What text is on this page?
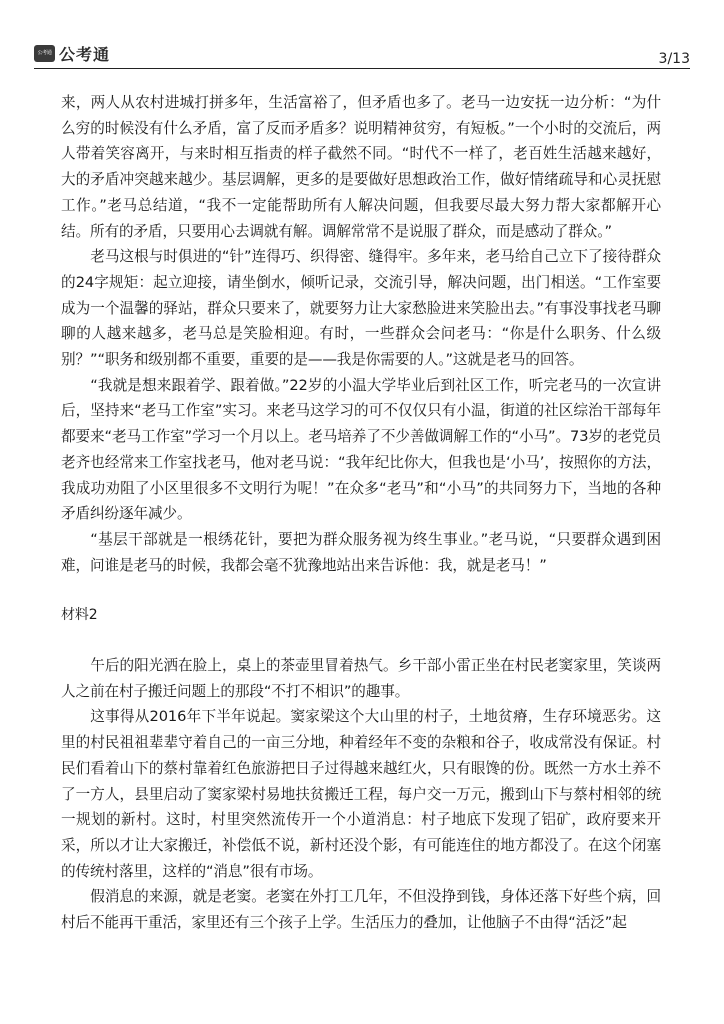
公考通 公考通	3/13

来，两人从农村进城打拼多年，生活富裕了，但矛盾也多了。老马一边安抚一边分析：“为什么穷的时候没有什么矛盾，富了反而矛盾多？说明精神贫穷，有短板。”一个小时的交流后，两人带着笑容离开，与来时相互指责的样子截然不同。“时代不一样了，老百姓生活越来越好，大的矛盾冲突越来越少。基层调解，更多的是要做好思想政治工作，做好情绪疏导和心灵抚慰工作。”老马总结道，“我不一定能帮助所有人解决问题，但我要尽最大努力帮大家都解开心结。所有的矛盾，只要用心去调就有解。调解常常不是说服了群众，而是感动了群众。”

老马这根与时俱进的“针”连得巧、织得密、缝得牢。多年来，老马给自己立下了接待群众的24字规矩：起立迎接，请坐倒水，倾听记录，交流引导，解决问题，出门相送。“工作室要成为一个温馨的驿站，群众只要来了，就要努力让大家愁脸进来笑脸出去。”有事没事找老马聊聊的人越来越多，老马总是笑脸相迎。有时，一些群众会问老马：“你是什么职务、什么级别？”“职务和级别都不重要，重要的是——我是你需要的人。”这就是老马的回答。

“我就是想来跟着学、跟着做。”22岁的小温大学毕业后到社区工作，听完老马的一次宣讲后，坚持来“老马工作室”实习。来老马这学习的可不仅仅只有小温，街道的社区综治干部每年都要来“老马工作室”学习一个月以上。老马培养了不少善做调解工作的“小马”。73岁的老党员老齐也经常来工作室找老马，他对老马说：“我年纪比你大，但我也是‘小马’，按照你的方法，我成功劝阻了小区里很多不文明行为呢！”在众多“老马”和“小马”的共同努力下，当地的各种矛盾纠纷逐年减少。

“基层干部就是一根绣花针，要把为群众服务视为终生事业。”老马说，“只要群众遇到困难，问谁是老马的时候，我都会毫不犹豫地站出来告诉他：我，就是老马！”

材料2

午后的阳光洒在脸上，桌上的茶壶里冒着热气。乡干部小雷正坐在村民老窦家里，笑谈两人之前在村子搬迁问题上的那段“不打不相识”的趣事。

这事得从2016年下半年说起。窦家梁这个大山里的村子，土地贫瘠，生存环境恶劣。这里的村民祖祖辈辈守着自己的一亩三分地，种着经年不变的杂粮和谷子，收成常没有保证。村民们看着山下的蔡村靠着红色旅游把日子过得越来越红火，只有眼馋的份。既然一方水土养不了一方人，县里启动了窦家梁村易地扶贫搬迁工程，每户交一万元，搬到山下与蔡村相邻的统一规划的新村。这时，村里突然流传开一个小道消息：村子地底下发现了铝矿，政府要来开采，所以才让大家搬迁，补偿低不说，新村还没个影，有可能连住的地方都没了。在这个闭塞的传统村落里，这样的“消息”很有市场。

假消息的来源，就是老窦。老窦在外打工几年，不但没挣到钱，身体还落下好些个病，回村后不能再干重活，家里还有三个孩子上学。生活压力的叠加，让他脑子不由得“活泛”起
